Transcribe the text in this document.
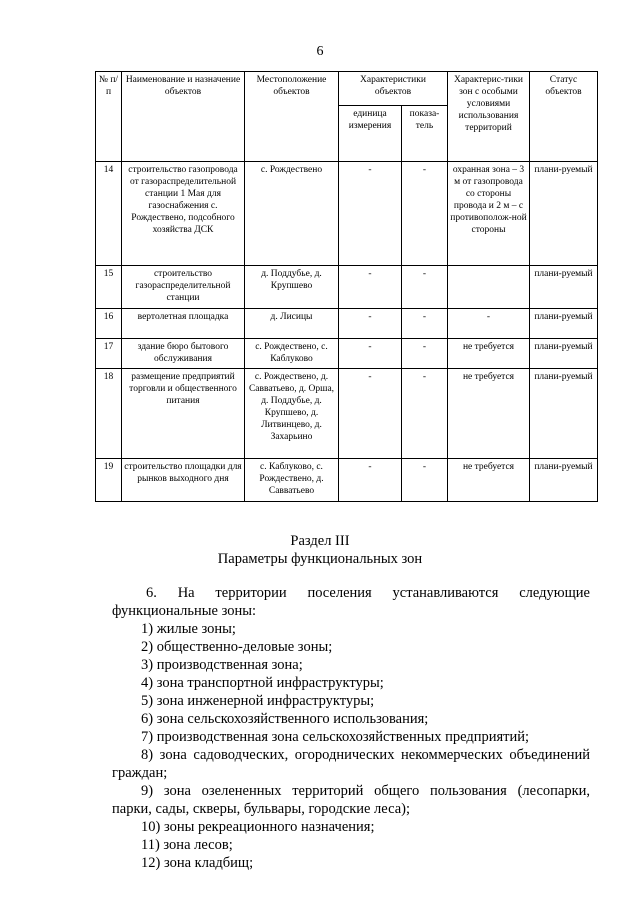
6
№ п/п	Наименование и назначение объектов	Местоположение объектов	Характеристики объектов		Характерис-тики зон с особыми условиями использования территорий	Статус объектов
			единица измерения	показа-тель		
14	строительство газопровода от газораспределительной станции 1 Мая для газоснабжения с. Рождествено, подсобного хозяйства ДСК	с. Рождествено	-	-	охранная зона – 3 м от газопровода со стороны провода и 2 м – с противополож-ной стороны	плани-руемый
15	строительство газораспределительной станции	д. Поддубье, д. Крупшево	-	-		плани-руемый
16	вертолетная площадка	д. Лисицы	-	-	-	плани-руемый
17	здание бюро бытового обслуживания	с. Рождествено, с. Каблуково	-	-	не требуется	плани-руемый
18	размещение предприятий торговли и общественного питания	с. Рождествено, д. Савватьево, д. Орша, д. Поддубье, д. Крупшево, д. Литвинцево, д. Захарьино	-	-	не требуется	плани-руемый
19	строительство площадки для рынков выходного дня	с. Каблуково, с. Рождествено, д. Савватьево	-	-	не требуется	плани-руемый
Раздел III
Параметры функциональных зон
6. На территории поселения устанавливаются следующие
функциональные зоны:
1) жилые зоны;
2) общественно-деловые зоны;
3) производственная зона;
4) зона транспортной инфраструктуры;
5) зона инженерной инфраструктуры;
6) зона сельскохозяйственного использования;
7) производственная зона сельскохозяйственных предприятий;
8) зона садоводческих, огороднических некоммерческих объединений граждан;
9) зона озелененных территорий общего пользования (лесопарки, парки, сады, скверы, бульвары, городские леса);
10) зоны рекреационного назначения;
11) зона лесов;
12) зона кладбищ;
